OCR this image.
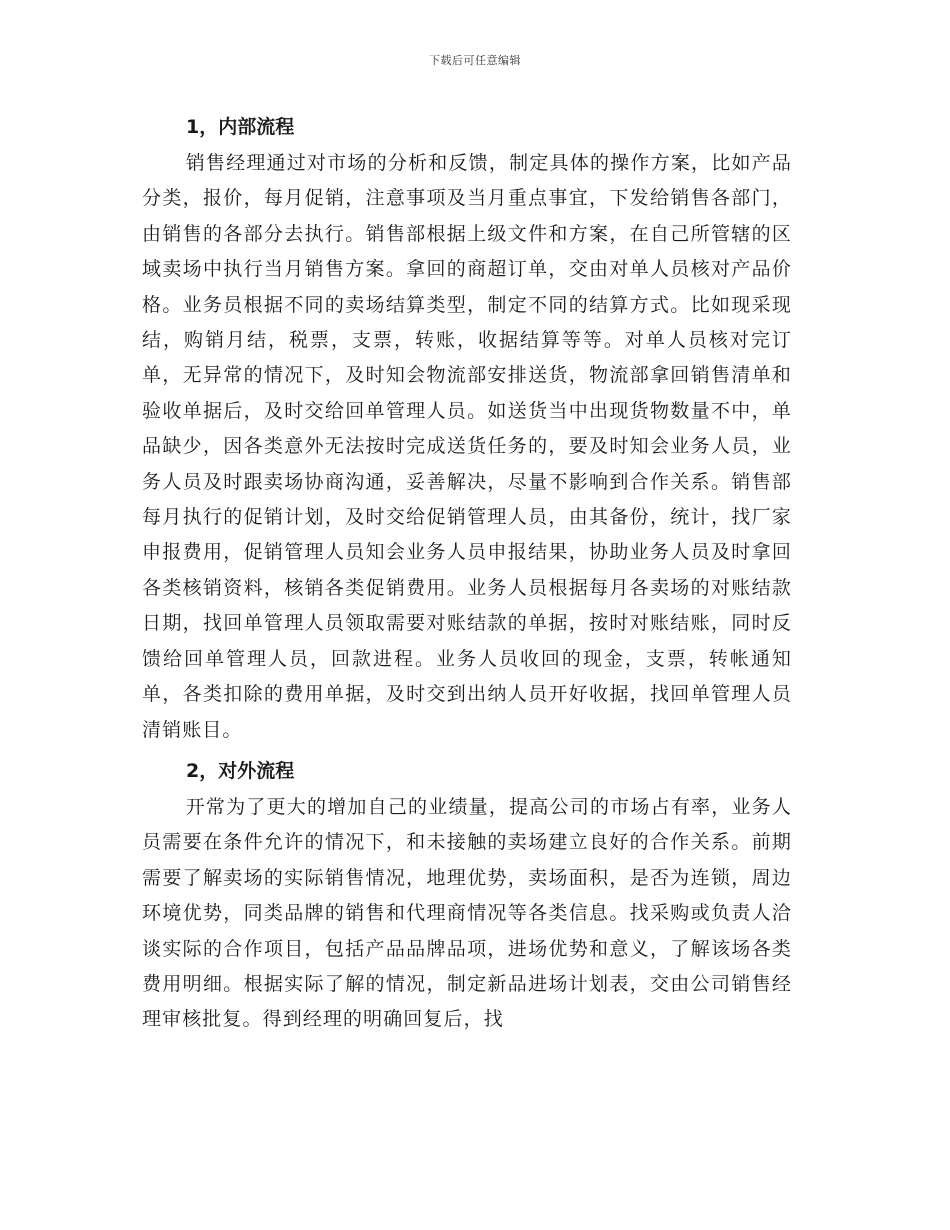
下载后可任意编辑
1，内部流程

销售经理通过对市场的分析和反馈，制定具体的操作方案，比如产品分类，报价，每月促销，注意事项及当月重点事宜，下发给销售各部门，由销售的各部分去执行。销售部根据上级文件和方案，在自己所管辖的区域卖场中执行当月销售方案。拿回的商超订单，交由对单人员核对产品价格。业务员根据不同的卖场结算类型，制定不同的结算方式。比如现采现结，购销月结，税票，支票，转账，收据结算等等。对单人员核对完订单，无异常的情况下，及时知会物流部安排送货，物流部拿回销售清单和验收单据后，及时交给回单管理人员。如送货当中出现货物数量不中，单品缺少，因各类意外无法按时完成送货任务的，要及时知会业务人员，业务人员及时跟卖场协商沟通，妥善解决，尽量不影响到合作关系。销售部每月执行的促销计划，及时交给促销管理人员，由其备份，统计，找厂家申报费用，促销管理人员知会业务人员申报结果，协助业务人员及时拿回各类核销资料，核销各类促销费用。业务人员根据每月各卖场的对账结款日期，找回单管理人员领取需要对账结款的单据，按时对账结账，同时反馈给回单管理人员，回款进程。业务人员收回的现金，支票，转帐通知单，各类扣除的费用单据，及时交到出纳人员开好收据，找回单管理人员清销账目。

2，对外流程

开常为了更大的增加自己的业绩量，提高公司的市场占有率，业务人员需要在条件允许的情况下，和未接触的卖场建立良好的合作关系。前期需要了解卖场的实际销售情况，地理优势，卖场面积，是否为连锁，周边环境优势，同类品牌的销售和代理商情况等各类信息。找采购或负责人洽谈实际的合作项目，包括产品品牌品项，进场优势和意义，了解该场各类费用明细。根据实际了解的情况，制定新品进场计划表，交由公司销售经理审核批复。得到经理的明确回复后，找
